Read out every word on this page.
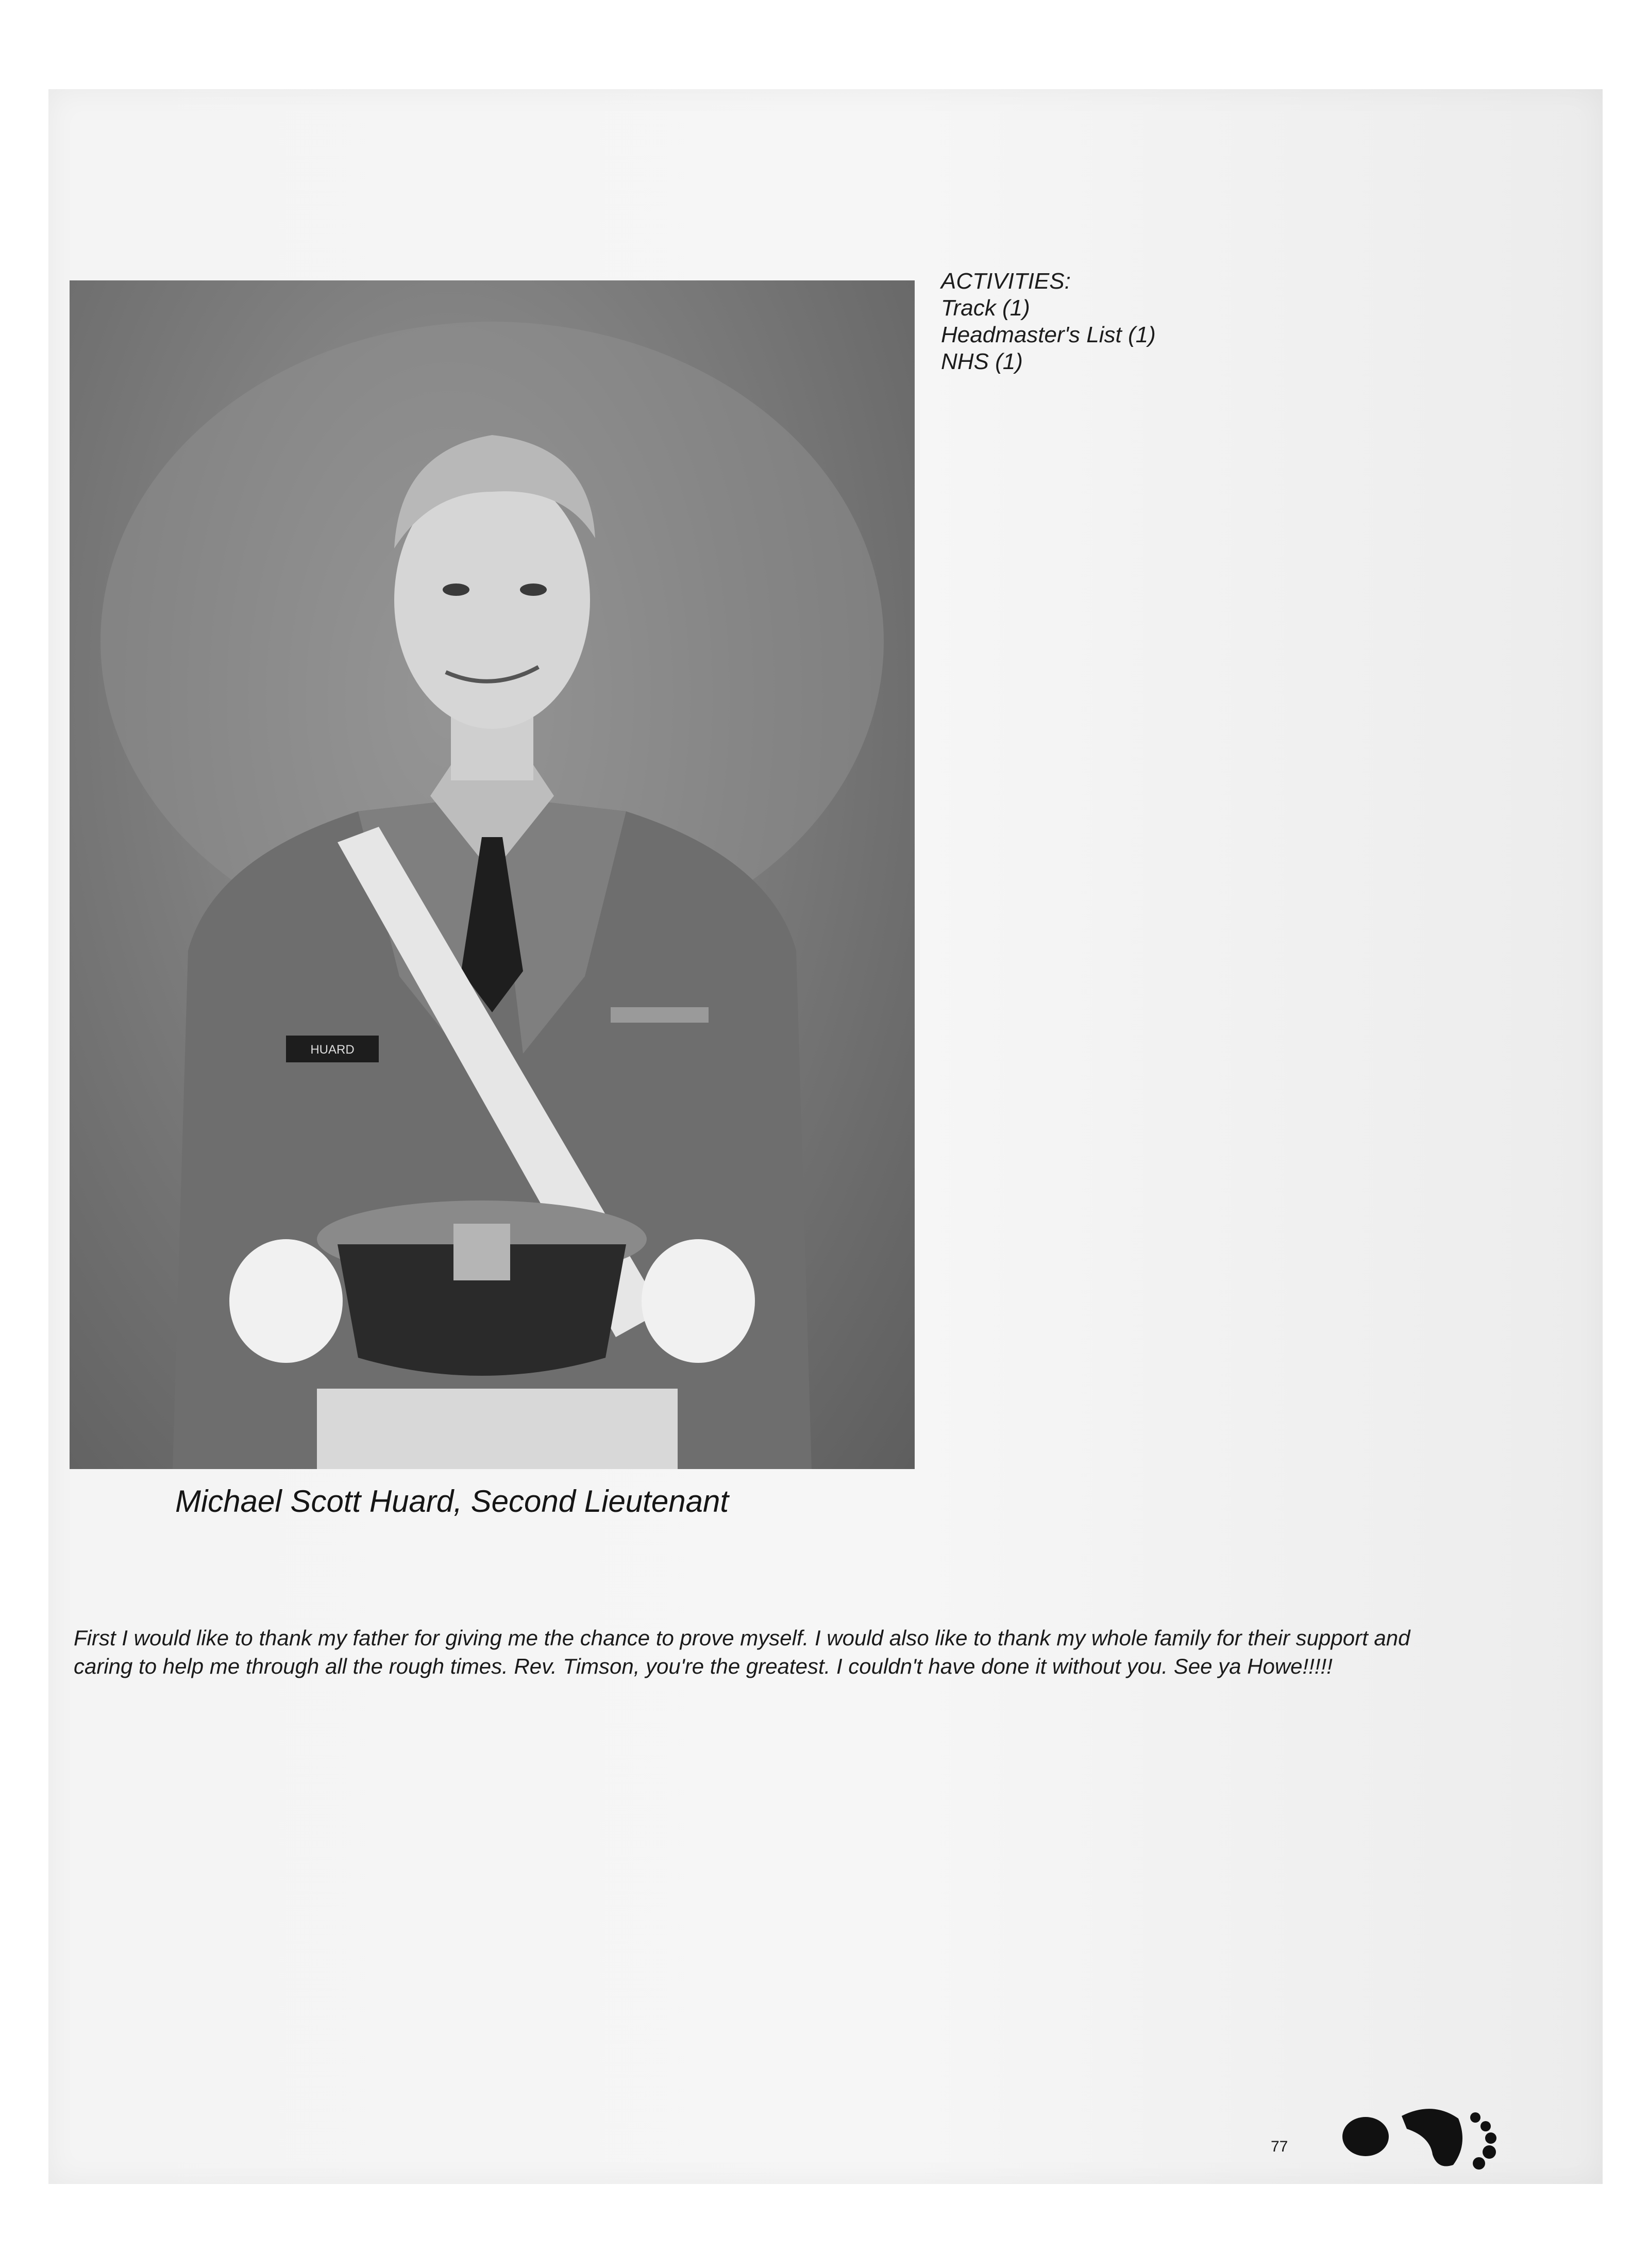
HUARD
ACTIVITIES:
Track (1)
Headmaster's List (1)
NHS (1)
Michael Scott Huard, Second Lieutenant
First I would like to thank my father for giving me the chance to prove myself. I would also like to thank my whole family for their support and caring to help me through all the rough times. Rev. Timson, you're the greatest. I couldn't have done it without you. See ya Howe!!!!!
77
